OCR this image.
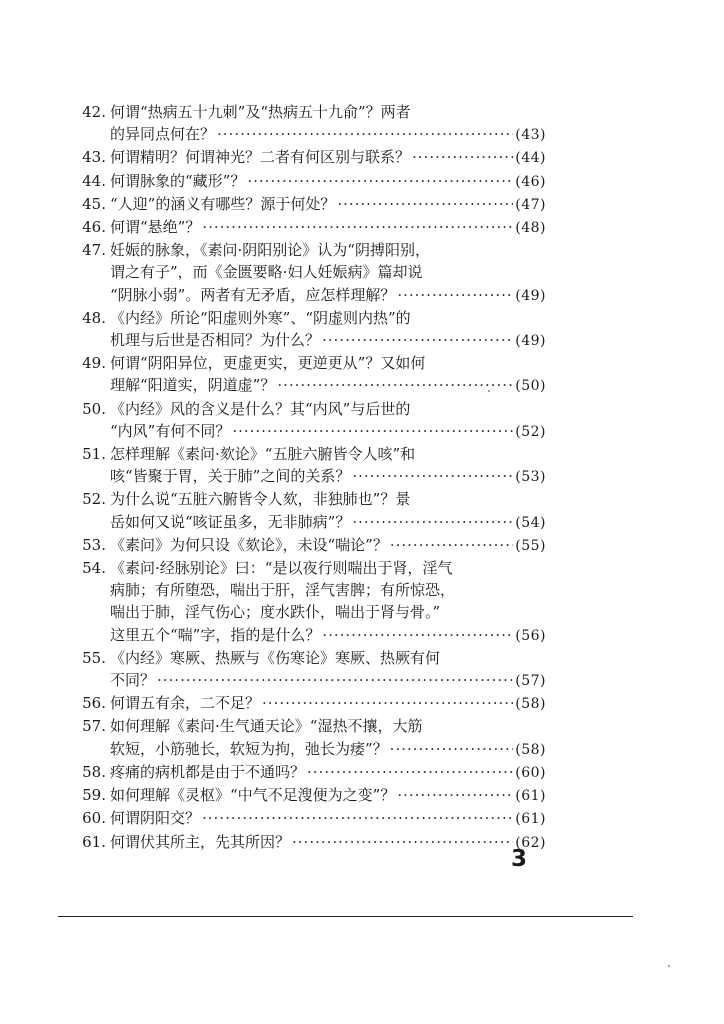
42. 何谓“热病五十九刺”及“热病五十九俞”？两者
的异同点何在？ ·····	(43)
43. 何谓精明？何谓神光？二者有何区别与联系？ ·····	(44)
44. 何谓脉象的“藏形”？ ·····	(46)
45. “人迎”的涵义有哪些？源于何处？ ·····	(47)
46. 何谓“悬绝”？ ·····	(48)
47. 妊娠的脉象，《素问·阴阳别论》认为“阴搏阳别，
谓之有子”，而《金匮要略·妇人妊娠病》篇却说
“阴脉小弱”。两者有无矛盾，应怎样理解？ ·····	(49)
48. 《内经》所论“阳虚则外寒”、“阴虚则内热”的
机理与后世是否相同？为什么？ ·····	(49)
49. 何谓“阴阳异位，更虚更实，更逆更从”？又如何
理解“阳道实，阴道虚”？ ·····	(50)
50. 《内经》风的含义是什么？其“内风”与后世的
“内风”有何不同？ ·····	(52)
51. 怎样理解《素问·欬论》“五脏六腑皆令人咳”和
咳“皆聚于胃，关于肺”之间的关系？ ·····	(53)
52. 为什么说“五脏六腑皆令人欬，非独肺也”？景
岳如何又说“咳证虽多，无非肺病”？ ·····	(54)
53. 《素问》为何只设《欬论》，未设“喘论”？ ·····	(55)
54. 《素问·经脉别论》曰：“是以夜行则喘出于肾，淫气
病肺；有所堕恐，喘出于肝，淫气害脾；有所惊恐，
喘出于肺，淫气伤心；度水跌仆，喘出于肾与骨。”
这里五个“喘”字，指的是什么？ ·····	(56)
55. 《内经》寒厥、热厥与《伤寒论》寒厥、热厥有何
不同？ ·····	(57)
56. 何谓五有余，二不足？ ·····	(58)
57. 如何理解《素问·生气通天论》“湿热不攘，大筋
软短，小筋驰长，软短为拘，弛长为痿”？ ·····	(58)
58. 疼痛的病机都是由于不通吗？ ·····	(60)
59. 如何理解《灵枢》“中气不足溲便为之变”？ ·····	(61)
60. 何谓阴阳交？ ·····	(61)
61. 何谓伏其所主，先其所因？ ·····	(62)
3
